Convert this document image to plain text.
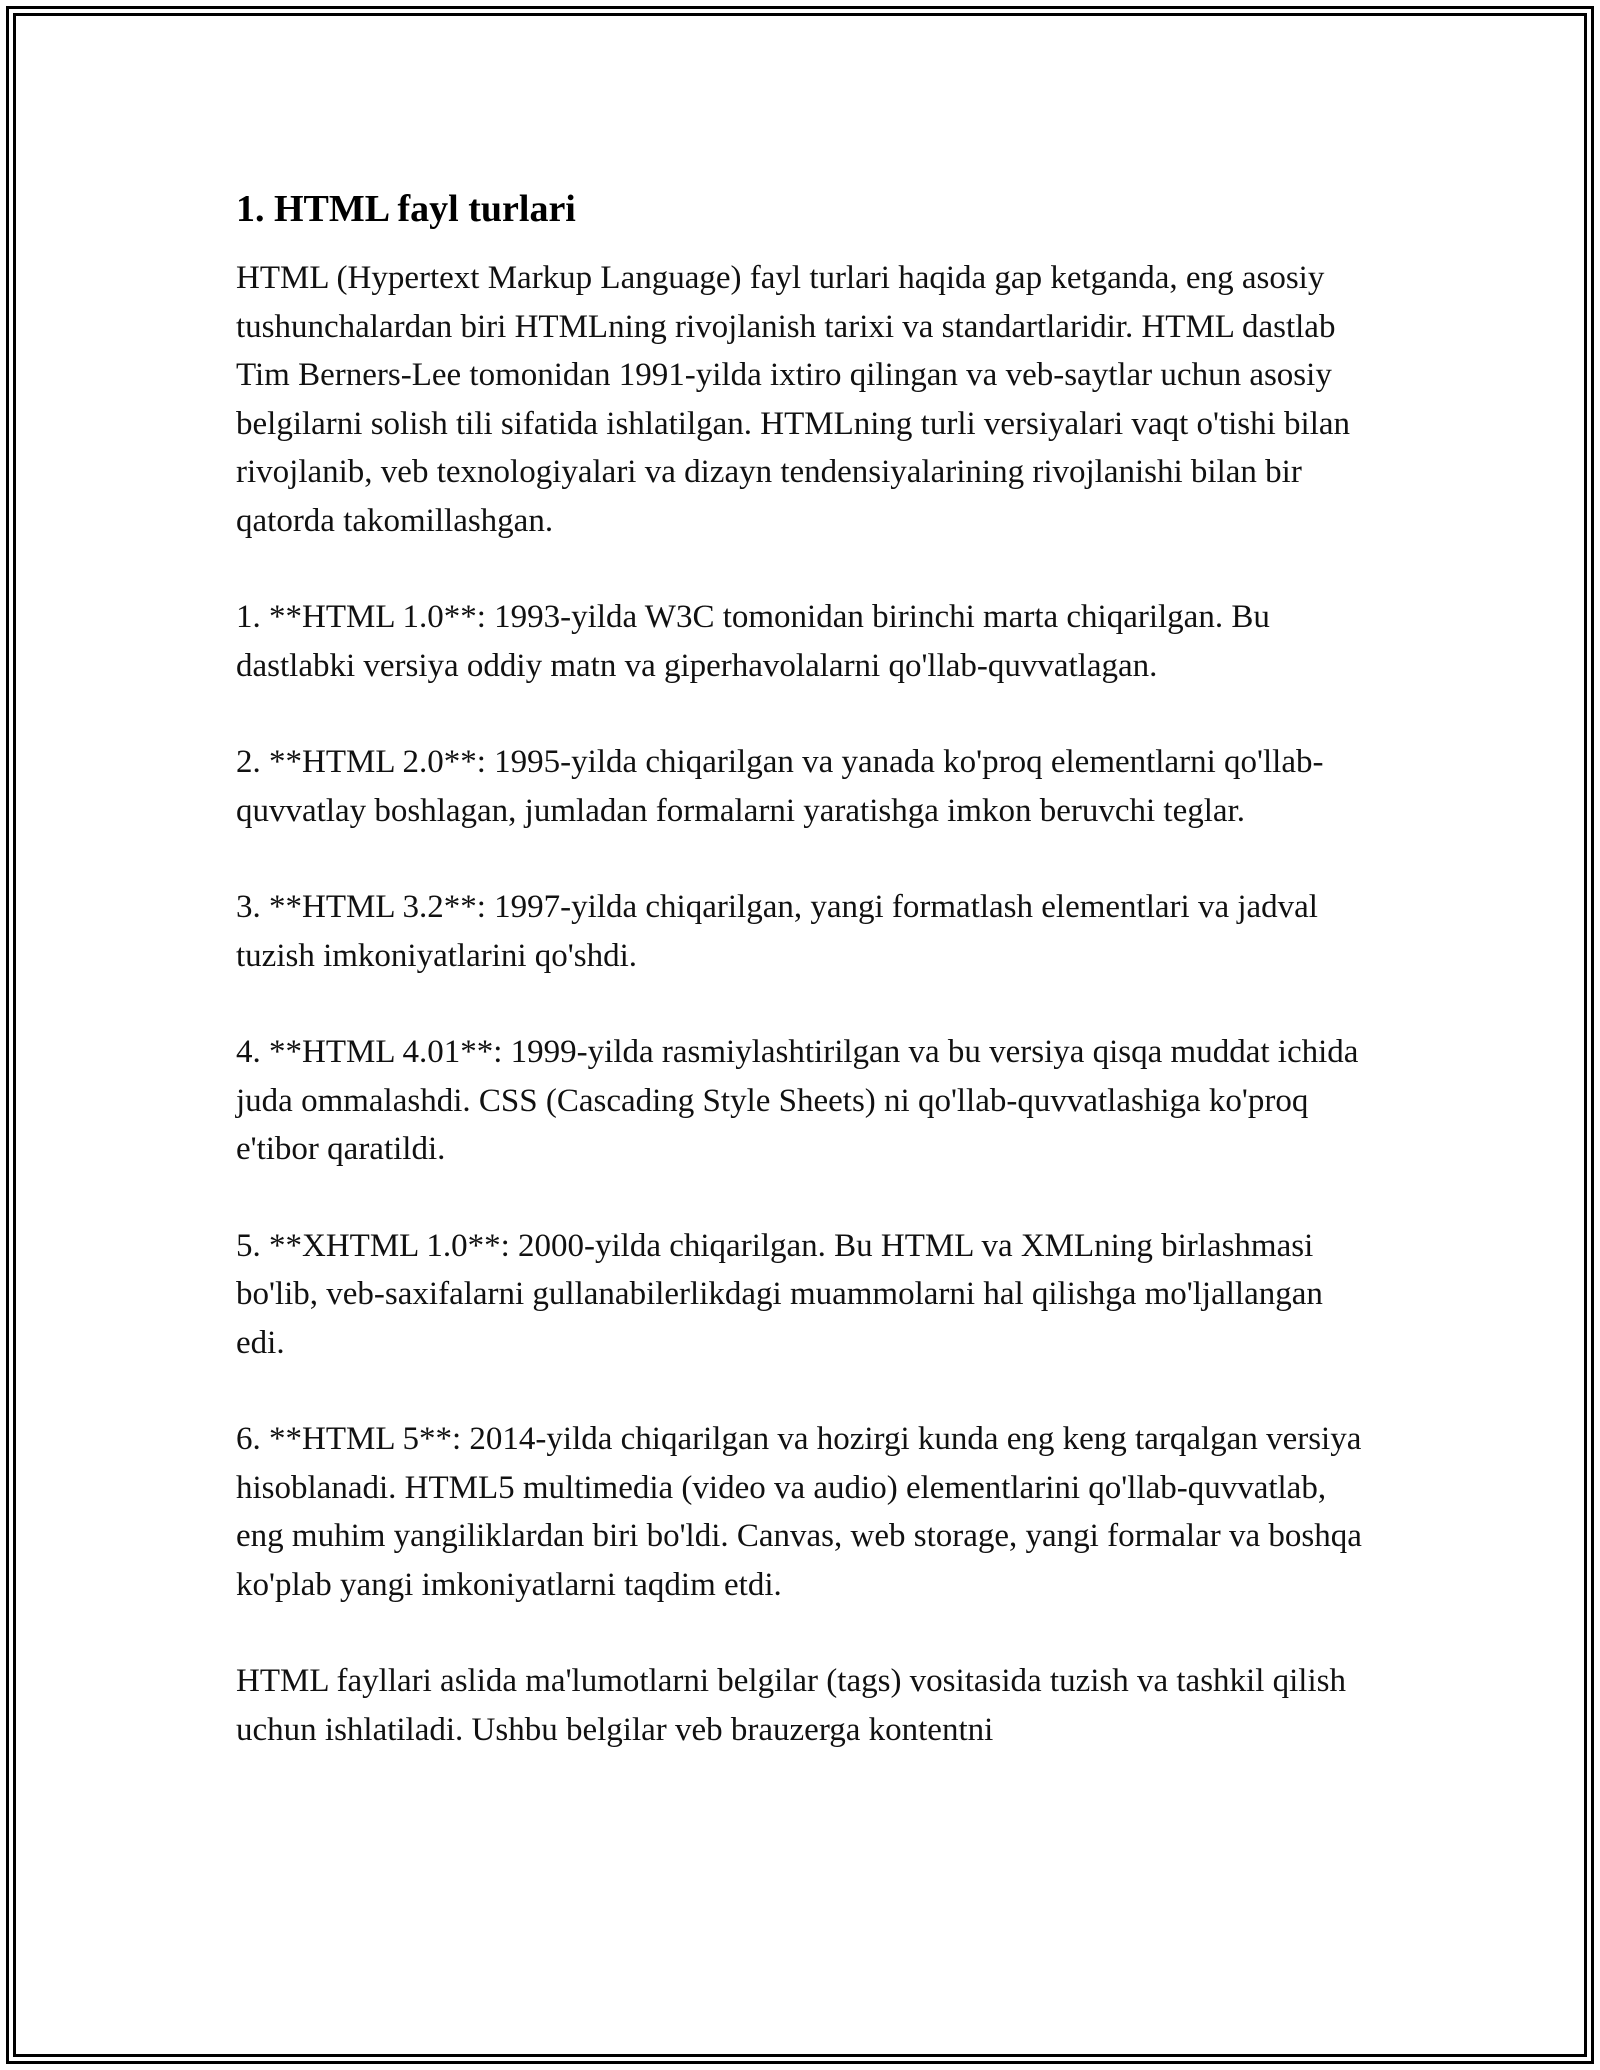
1. HTML fayl turlari

HTML (Hypertext Markup Language) fayl turlari haqida gap ketganda, eng asosiy tushunchalardan biri HTMLning rivojlanish tarixi va standartlaridir. HTML dastlab Tim Berners-Lee tomonidan 1991-yilda ixtiro qilingan va veb-saytlar uchun asosiy belgilarni solish tili sifatida ishlatilgan. HTMLning turli versiyalari vaqt o'tishi bilan rivojlanib, veb texnologiyalari va dizayn tendensiyalarining rivojlanishi bilan bir qatorda takomillashgan.

1. **HTML 1.0**: 1993-yilda W3C tomonidan birinchi marta chiqarilgan. Bu dastlabki versiya oddiy matn va giperhavolalarni qo'llab-quvvatlagan.

2. **HTML 2.0**: 1995-yilda chiqarilgan va yanada ko'proq elementlarni qo'llab-quvvatlay boshlagan, jumladan formalarni yaratishga imkon beruvchi teglar.

3. **HTML 3.2**: 1997-yilda chiqarilgan, yangi formatlash elementlari va jadval tuzish imkoniyatlarini qo'shdi.

4. **HTML 4.01**: 1999-yilda rasmiylashtirilgan va bu versiya qisqa muddat ichida juda ommalashdi. CSS (Cascading Style Sheets) ni qo'llab-quvvatlashiga ko'proq e'tibor qaratildi.

5. **XHTML 1.0**: 2000-yilda chiqarilgan. Bu HTML va XMLning birlashmasi bo'lib, veb-saxifalarni gullanabilerlikdagi muammolarni hal qilishga mo'ljallangan edi.

6. **HTML 5**: 2014-yilda chiqarilgan va hozirgi kunda eng keng tarqalgan versiya hisoblanadi. HTML5 multimedia (video va audio) elementlarini qo'llab-quvvatlab, eng muhim yangiliklardan biri bo'ldi. Canvas, web storage, yangi formalar va boshqa ko'plab yangi imkoniyatlarni taqdim etdi.

HTML fayllari aslida ma'lumotlarni belgilar (tags) vositasida tuzish va tashkil qilish uchun ishlatiladi. Ushbu belgilar veb brauzerga kontentni
